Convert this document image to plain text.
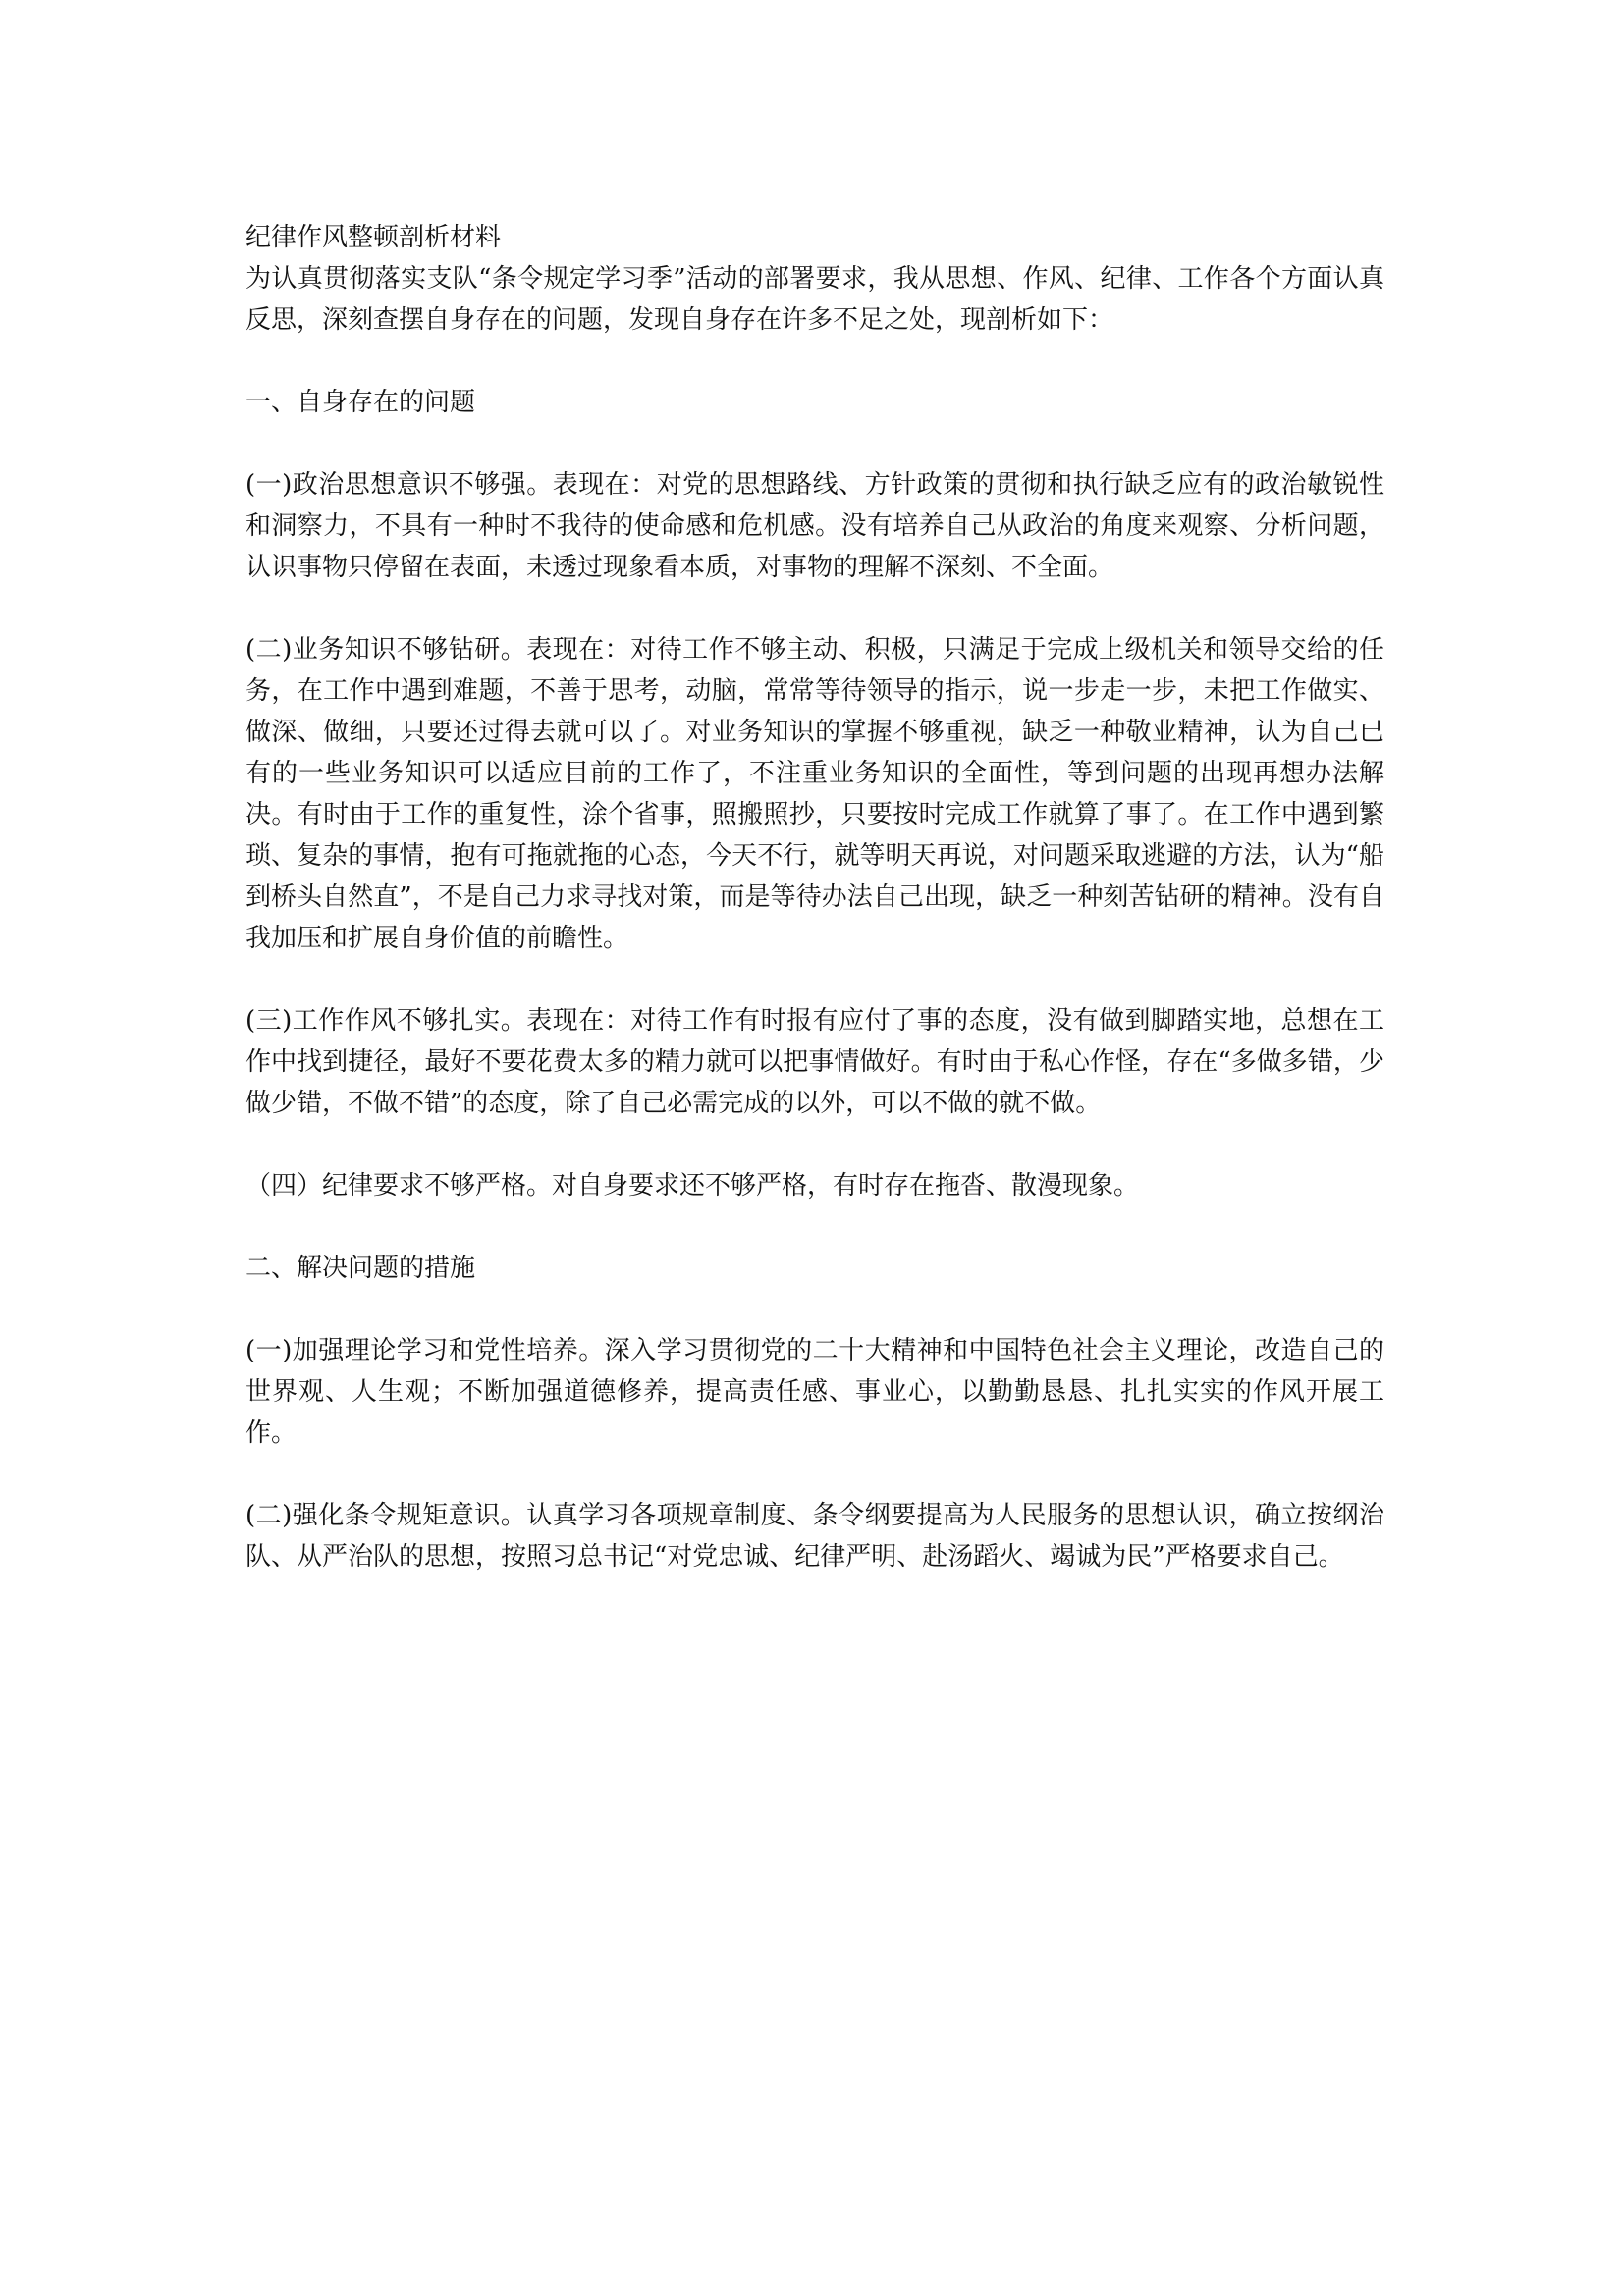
纪律作风整顿剖析材料

为认真贯彻落实支队“条令规定学习季”活动的部署要求，我从思想、作风、纪律、工作各个方面认真反思，深刻查摆自身存在的问题，发现自身存在许多不足之处，现剖析如下：

一、自身存在的问题

(一)政治思想意识不够强。表现在：对党的思想路线、方针政策的贯彻和执行缺乏应有的政治敏锐性和洞察力，不具有一种时不我待的使命感和危机感。没有培养自己从政治的角度来观察、分析问题，认识事物只停留在表面，未透过现象看本质，对事物的理解不深刻、不全面。

(二)业务知识不够钻研。表现在：对待工作不够主动、积极，只满足于完成上级机关和领导交给的任务，在工作中遇到难题，不善于思考，动脑，常常等待领导的指示，说一步走一步，未把工作做实、做深、做细，只要还过得去就可以了。对业务知识的掌握不够重视，缺乏一种敬业精神，认为自己已有的一些业务知识可以适应目前的工作了，不注重业务知识的全面性，等到问题的出现再想办法解决。有时由于工作的重复性，涂个省事，照搬照抄，只要按时完成工作就算了事了。在工作中遇到繁琐、复杂的事情，抱有可拖就拖的心态，今天不行，就等明天再说，对问题采取逃避的方法，认为“船到桥头自然直”，不是自己力求寻找对策，而是等待办法自己出现，缺乏一种刻苦钻研的精神。没有自我加压和扩展自身价值的前瞻性。

(三)工作作风不够扎实。表现在：对待工作有时报有应付了事的态度，没有做到脚踏实地，总想在工作中找到捷径，最好不要花费太多的精力就可以把事情做好。有时由于私心作怪，存在“多做多错，少做少错，不做不错”的态度，除了自己必需完成的以外，可以不做的就不做。

（四）纪律要求不够严格。对自身要求还不够严格，有时存在拖沓、散漫现象。

二、解决问题的措施

(一)加强理论学习和党性培养。深入学习贯彻党的二十大精神和中国特色社会主义理论，改造自己的世界观、人生观；不断加强道德修养，提高责任感、事业心，以勤勤恳恳、扎扎实实的作风开展工作。

(二)强化条令规矩意识。认真学习各项规章制度、条令纲要提高为人民服务的思想认识，确立按纲治队、从严治队的思想，按照习总书记“对党忠诚、纪律严明、赴汤蹈火、竭诚为民”严格要求自己。
